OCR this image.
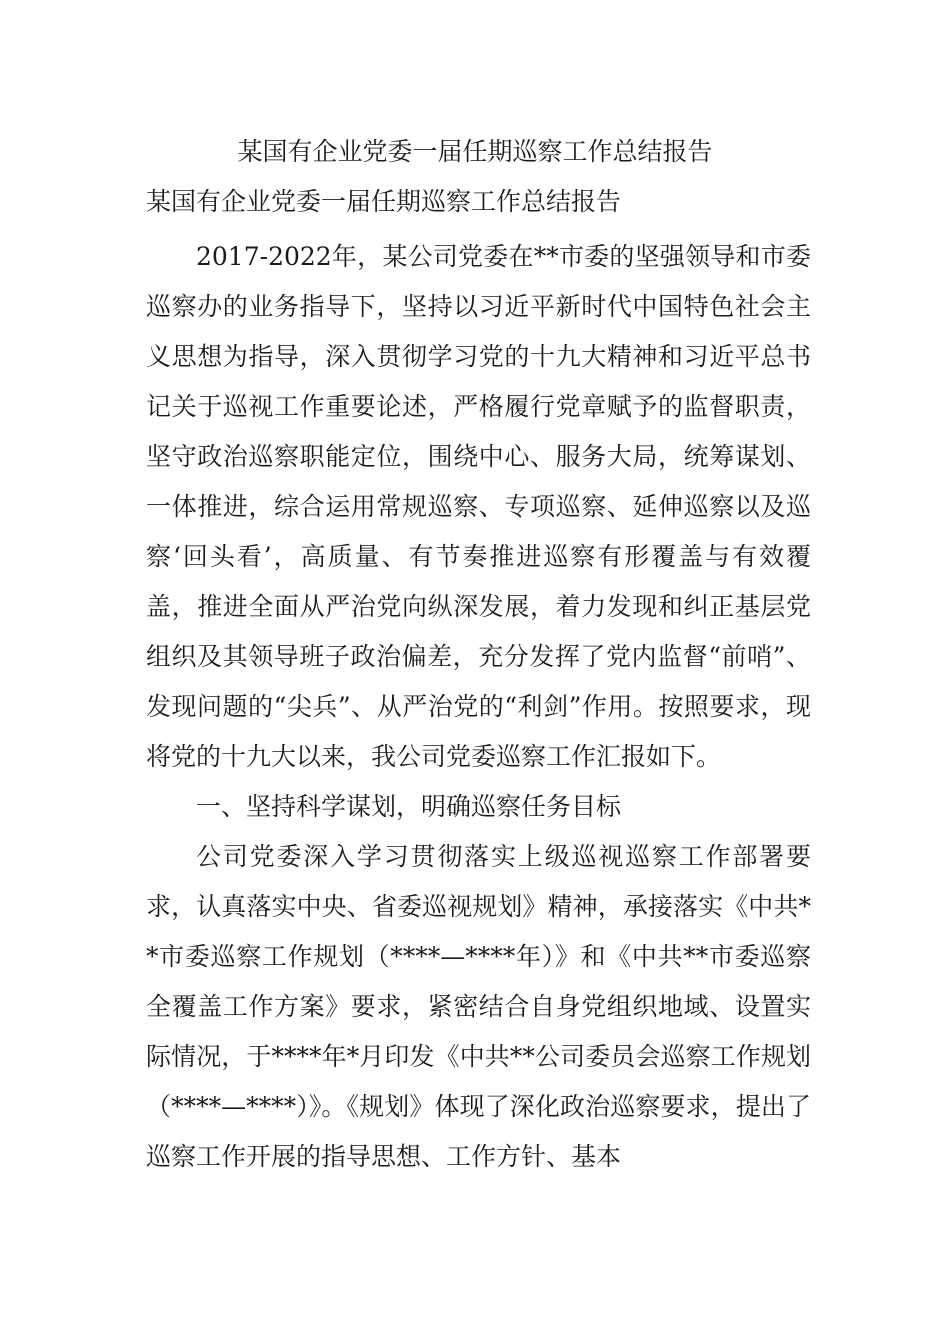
某国有企业党委一届任期巡察工作总结报告
某国有企业党委一届任期巡察工作总结报告

2017-2022年，某公司党委在**市委的坚强领导和市委巡察办的业务指导下，坚持以习近平新时代中国特色社会主义思想为指导，深入贯彻学习党的十九大精神和习近平总书记关于巡视工作重要论述，严格履行党章赋予的监督职责，坚守政治巡察职能定位，围绕中心、服务大局，统筹谋划、一体推进，综合运用常规巡察、专项巡察、延伸巡察以及巡察‘回头看’，高质量、有节奏推进巡察有形覆盖与有效覆盖，推进全面从严治党向纵深发展，着力发现和纠正基层党组织及其领导班子政治偏差，充分发挥了党内监督“前哨”、发现问题的“尖兵”、从严治党的“利剑”作用。按照要求，现将党的十九大以来，我公司党委巡察工作汇报如下。

一、坚持科学谋划，明确巡察任务目标

公司党委深入学习贯彻落实上级巡视巡察工作部署要求，认真落实中央、省委巡视规划》精神，承接落实《中共**市委巡察工作规划（****—****年）》和《中共**市委巡察全覆盖工作方案》要求，紧密结合自身党组织地域、设置实际情况，于****年*月印发《中共**公司委员会巡察工作规划（****—****）》。《规划》体现了深化政治巡察要求，提出了巡察工作开展的指导思想、工作方针、基本
